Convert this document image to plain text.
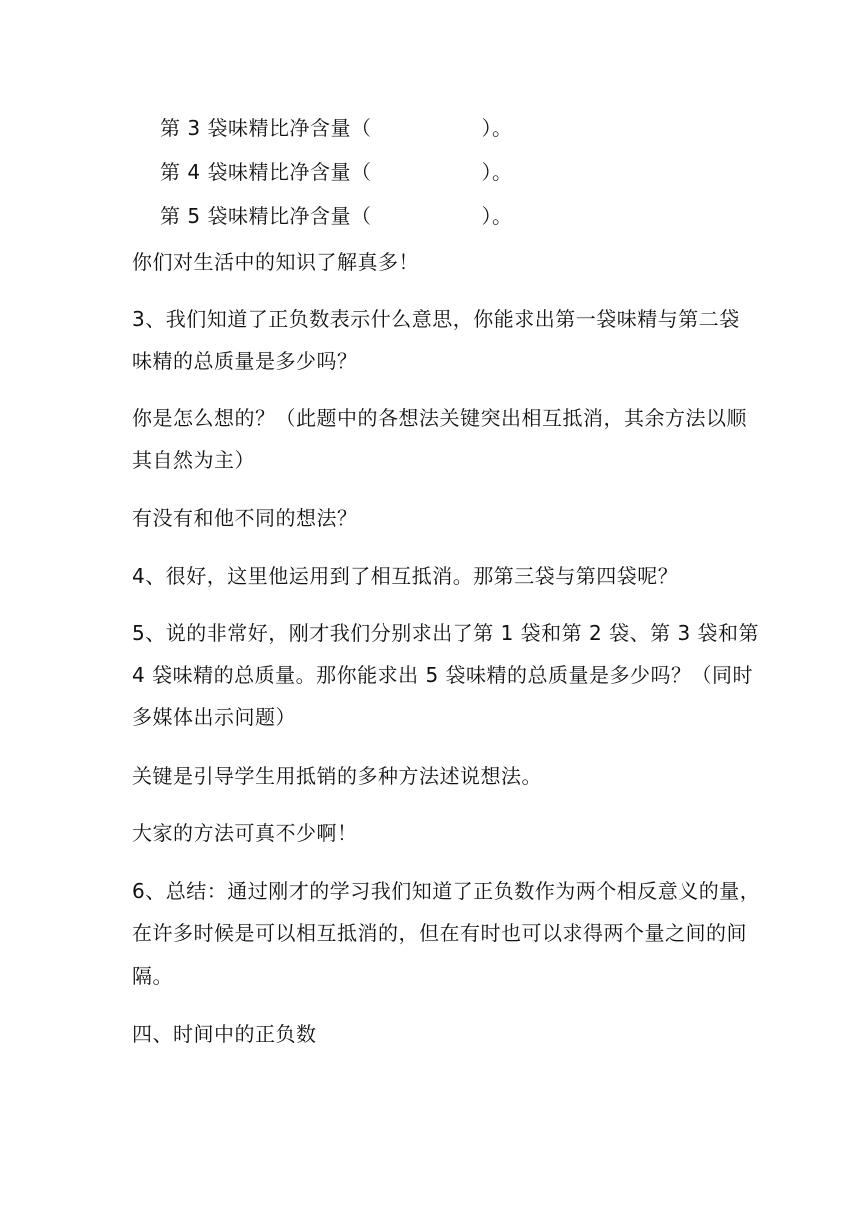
第 3 袋味精比净含量（	）。
第 4 袋味精比净含量（	）。
第 5 袋味精比净含量（	）。
你们对生活中的知识了解真多！
3、我们知道了正负数表示什么意思，你能求出第一袋味精与第二袋
味精的总质量是多少吗？
你是怎么想的？（此题中的各想法关键突出相互抵消，其余方法以顺
其自然为主）
有没有和他不同的想法？
4、很好，这里他运用到了相互抵消。那第三袋与第四袋呢？
5、说的非常好，刚才我们分别求出了第 1 袋和第 2 袋、第 3 袋和第
4 袋味精的总质量。那你能求出 5 袋味精的总质量是多少吗？（同时
多媒体出示问题）
关键是引导学生用抵销的多种方法述说想法。
大家的方法可真不少啊！
6、总结：通过刚才的学习我们知道了正负数作为两个相反意义的量，
在许多时候是可以相互抵消的，但在有时也可以求得两个量之间的间
隔。
四、时间中的正负数
